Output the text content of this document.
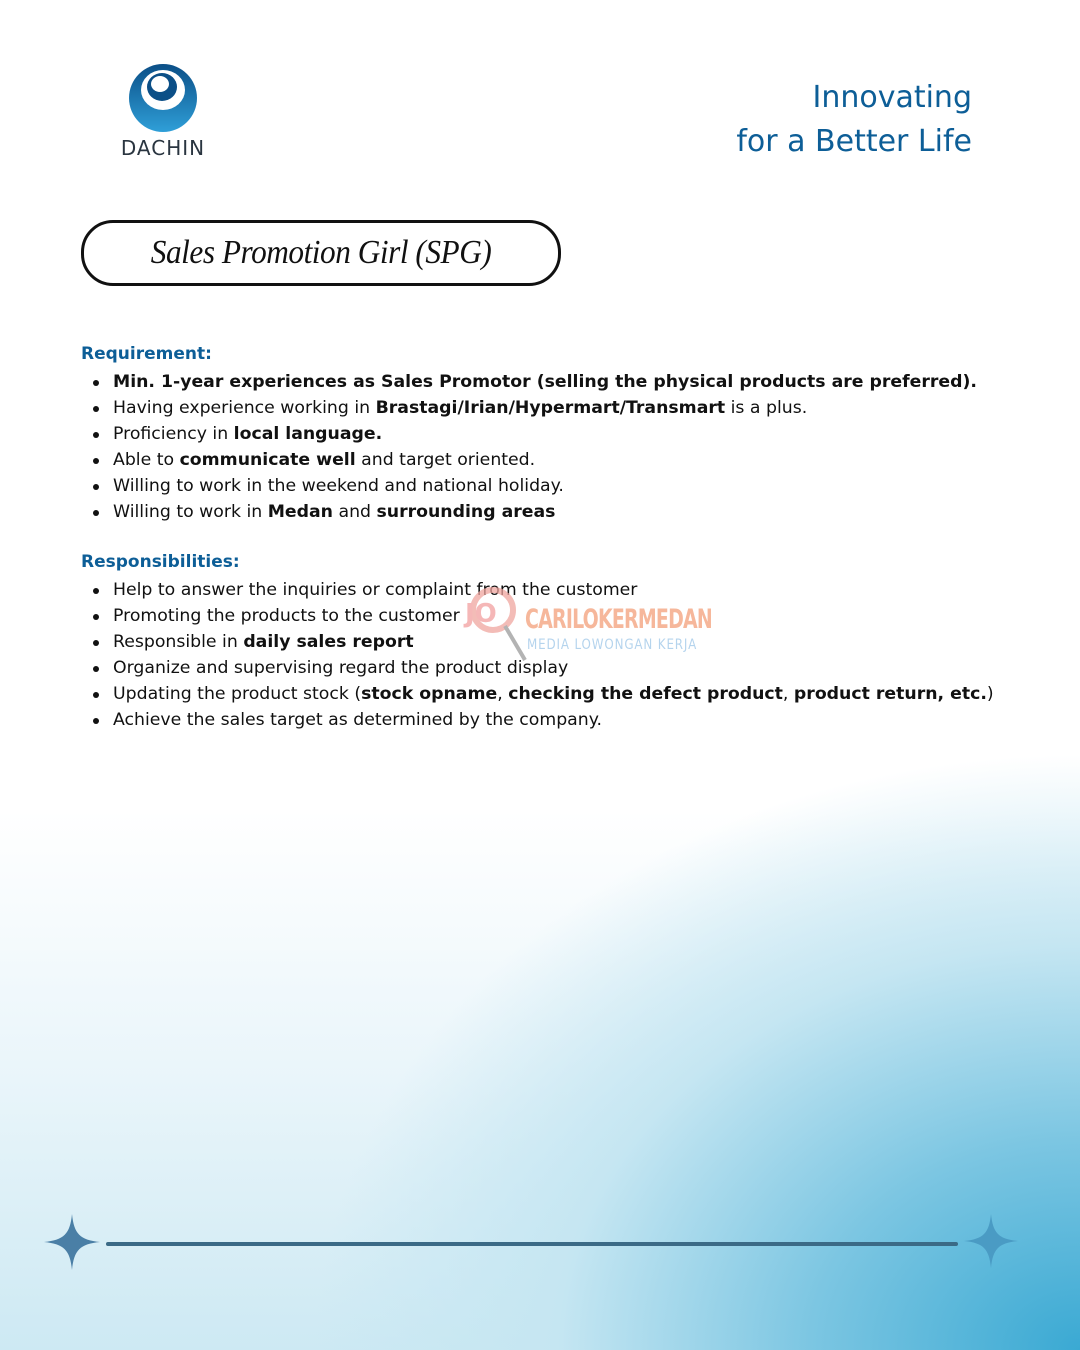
DACHIN
Innovating
for a Better Life
Sales Promotion Girl (SPG)
Requirement:
Min. 1-year experiences as Sales Promotor (selling the physical products are preferred).
Having experience working in Brastagi/Irian/Hypermart/Transmart is a plus.
Proficiency in local language.
Able to communicate well and target oriented.
Willing to work in the weekend and national holiday.
Willing to work in Medan and surrounding areas
Responsibilities:
Help to answer the inquiries or complaint from the customer
Promoting the products to the customer
Responsible in daily sales report
Organize and supervising regard the product display
Updating the product stock (stock opname, checking the defect product, product return, etc.)
Achieve the sales target as determined by the company.
JO CARILOKERMEDAN
MEDIA LOWONGAN KERJA
